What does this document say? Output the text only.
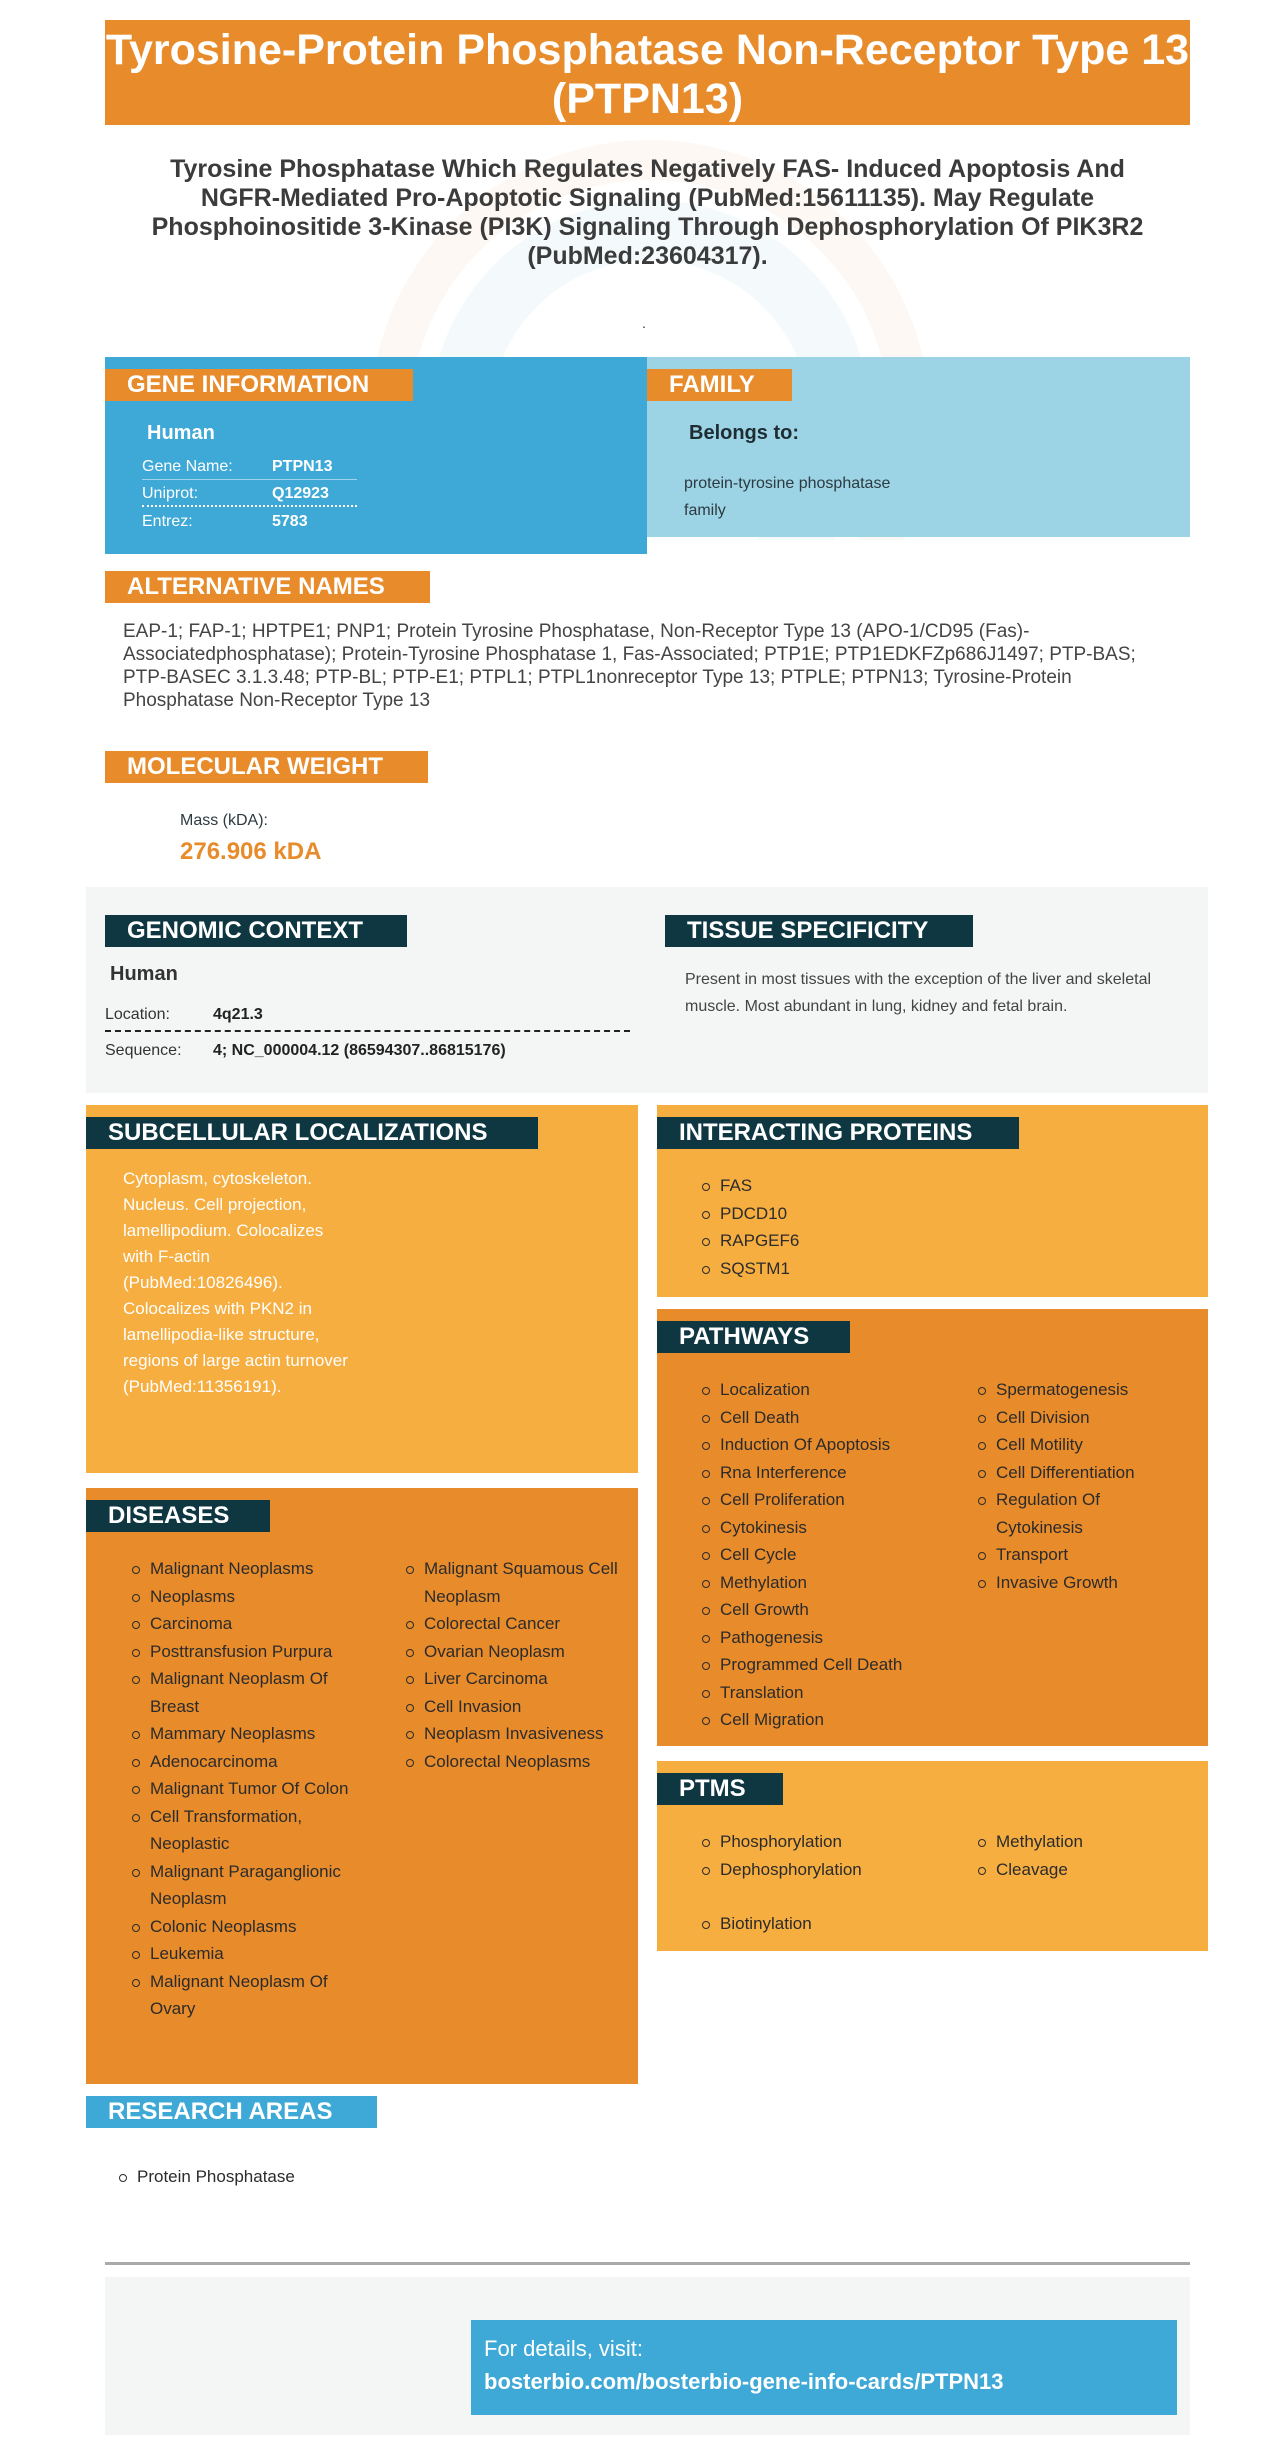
Tyrosine-Protein Phosphatase Non-Receptor Type 13 (PTPN13)
Tyrosine Phosphatase Which Regulates Negatively FAS- Induced Apoptosis And NGFR-Mediated Pro-Apoptotic Signaling (PubMed:15611135). May Regulate Phosphoinositide 3-Kinase (PI3K) Signaling Through Dephosphorylation Of PIK3R2 (PubMed:23604317).
.
GENE INFORMATION
Human
Gene Name: PTPN13
Uniprot:	Q12923
Entrez:	5783
FAMILY
Belongs to:
protein-tyrosine phosphatase family
ALTERNATIVE NAMES
EAP-1; FAP-1; HPTPE1; PNP1; Protein Tyrosine Phosphatase, Non-Receptor Type 13 (APO-1/CD95 (Fas)-Associatedphosphatase); Protein-Tyrosine Phosphatase 1, Fas-Associated; PTP1E; PTP1EDKFZp686J1497; PTP-BAS; PTP-BASEC 3.1.3.48; PTP-BL; PTP-E1; PTPL1; PTPL1nonreceptor Type 13; PTPLE; PTPN13; Tyrosine-Protein Phosphatase Non-Receptor Type 13
MOLECULAR WEIGHT
Mass (kDA):
276.906 kDA
GENOMIC CONTEXT
Human
Location:	4q21.3
Sequence: 4; NC_000004.12 (86594307..86815176)
TISSUE SPECIFICITY
Present in most tissues with the exception of the liver and skeletal muscle. Most abundant in lung, kidney and fetal brain.
SUBCELLULAR LOCALIZATIONS
Cytoplasm, cytoskeleton. Nucleus. Cell projection, lamellipodium. Colocalizes with F-actin (PubMed:10826496). Colocalizes with PKN2 in lamellipodia-like structure, regions of large actin turnover (PubMed:11356191).
INTERACTING PROTEINS
FAS
PDCD10
RAPGEF6
SQSTM1
PATHWAYS
Localization
Cell Death
Induction Of Apoptosis
Rna Interference
Cell Proliferation
Cytokinesis
Cell Cycle
Methylation
Cell Growth
Pathogenesis
Programmed Cell Death
Translation
Cell Migration
Spermatogenesis
Cell Division
Cell Motility
Cell Differentiation
Regulation Of Cytokinesis
Transport
Invasive Growth
DISEASES
Malignant Neoplasms
Neoplasms
Carcinoma
Posttransfusion Purpura
Malignant Neoplasm Of Breast
Mammary Neoplasms
Adenocarcinoma
Malignant Tumor Of Colon
Cell Transformation, Neoplastic
Malignant Paraganglionic Neoplasm
Colonic Neoplasms
Leukemia
Malignant Neoplasm Of Ovary
Malignant Squamous Cell Neoplasm
Colorectal Cancer
Ovarian Neoplasm
Liver Carcinoma
Cell Invasion
Neoplasm Invasiveness
Colorectal Neoplasms
PTMS
Phosphorylation
Dephosphorylation
Methylation
Cleavage
Biotinylation
RESEARCH AREAS
Protein Phosphatase
For details, visit:
bosterbio.com/bosterbio-gene-info-cards/PTPN13
